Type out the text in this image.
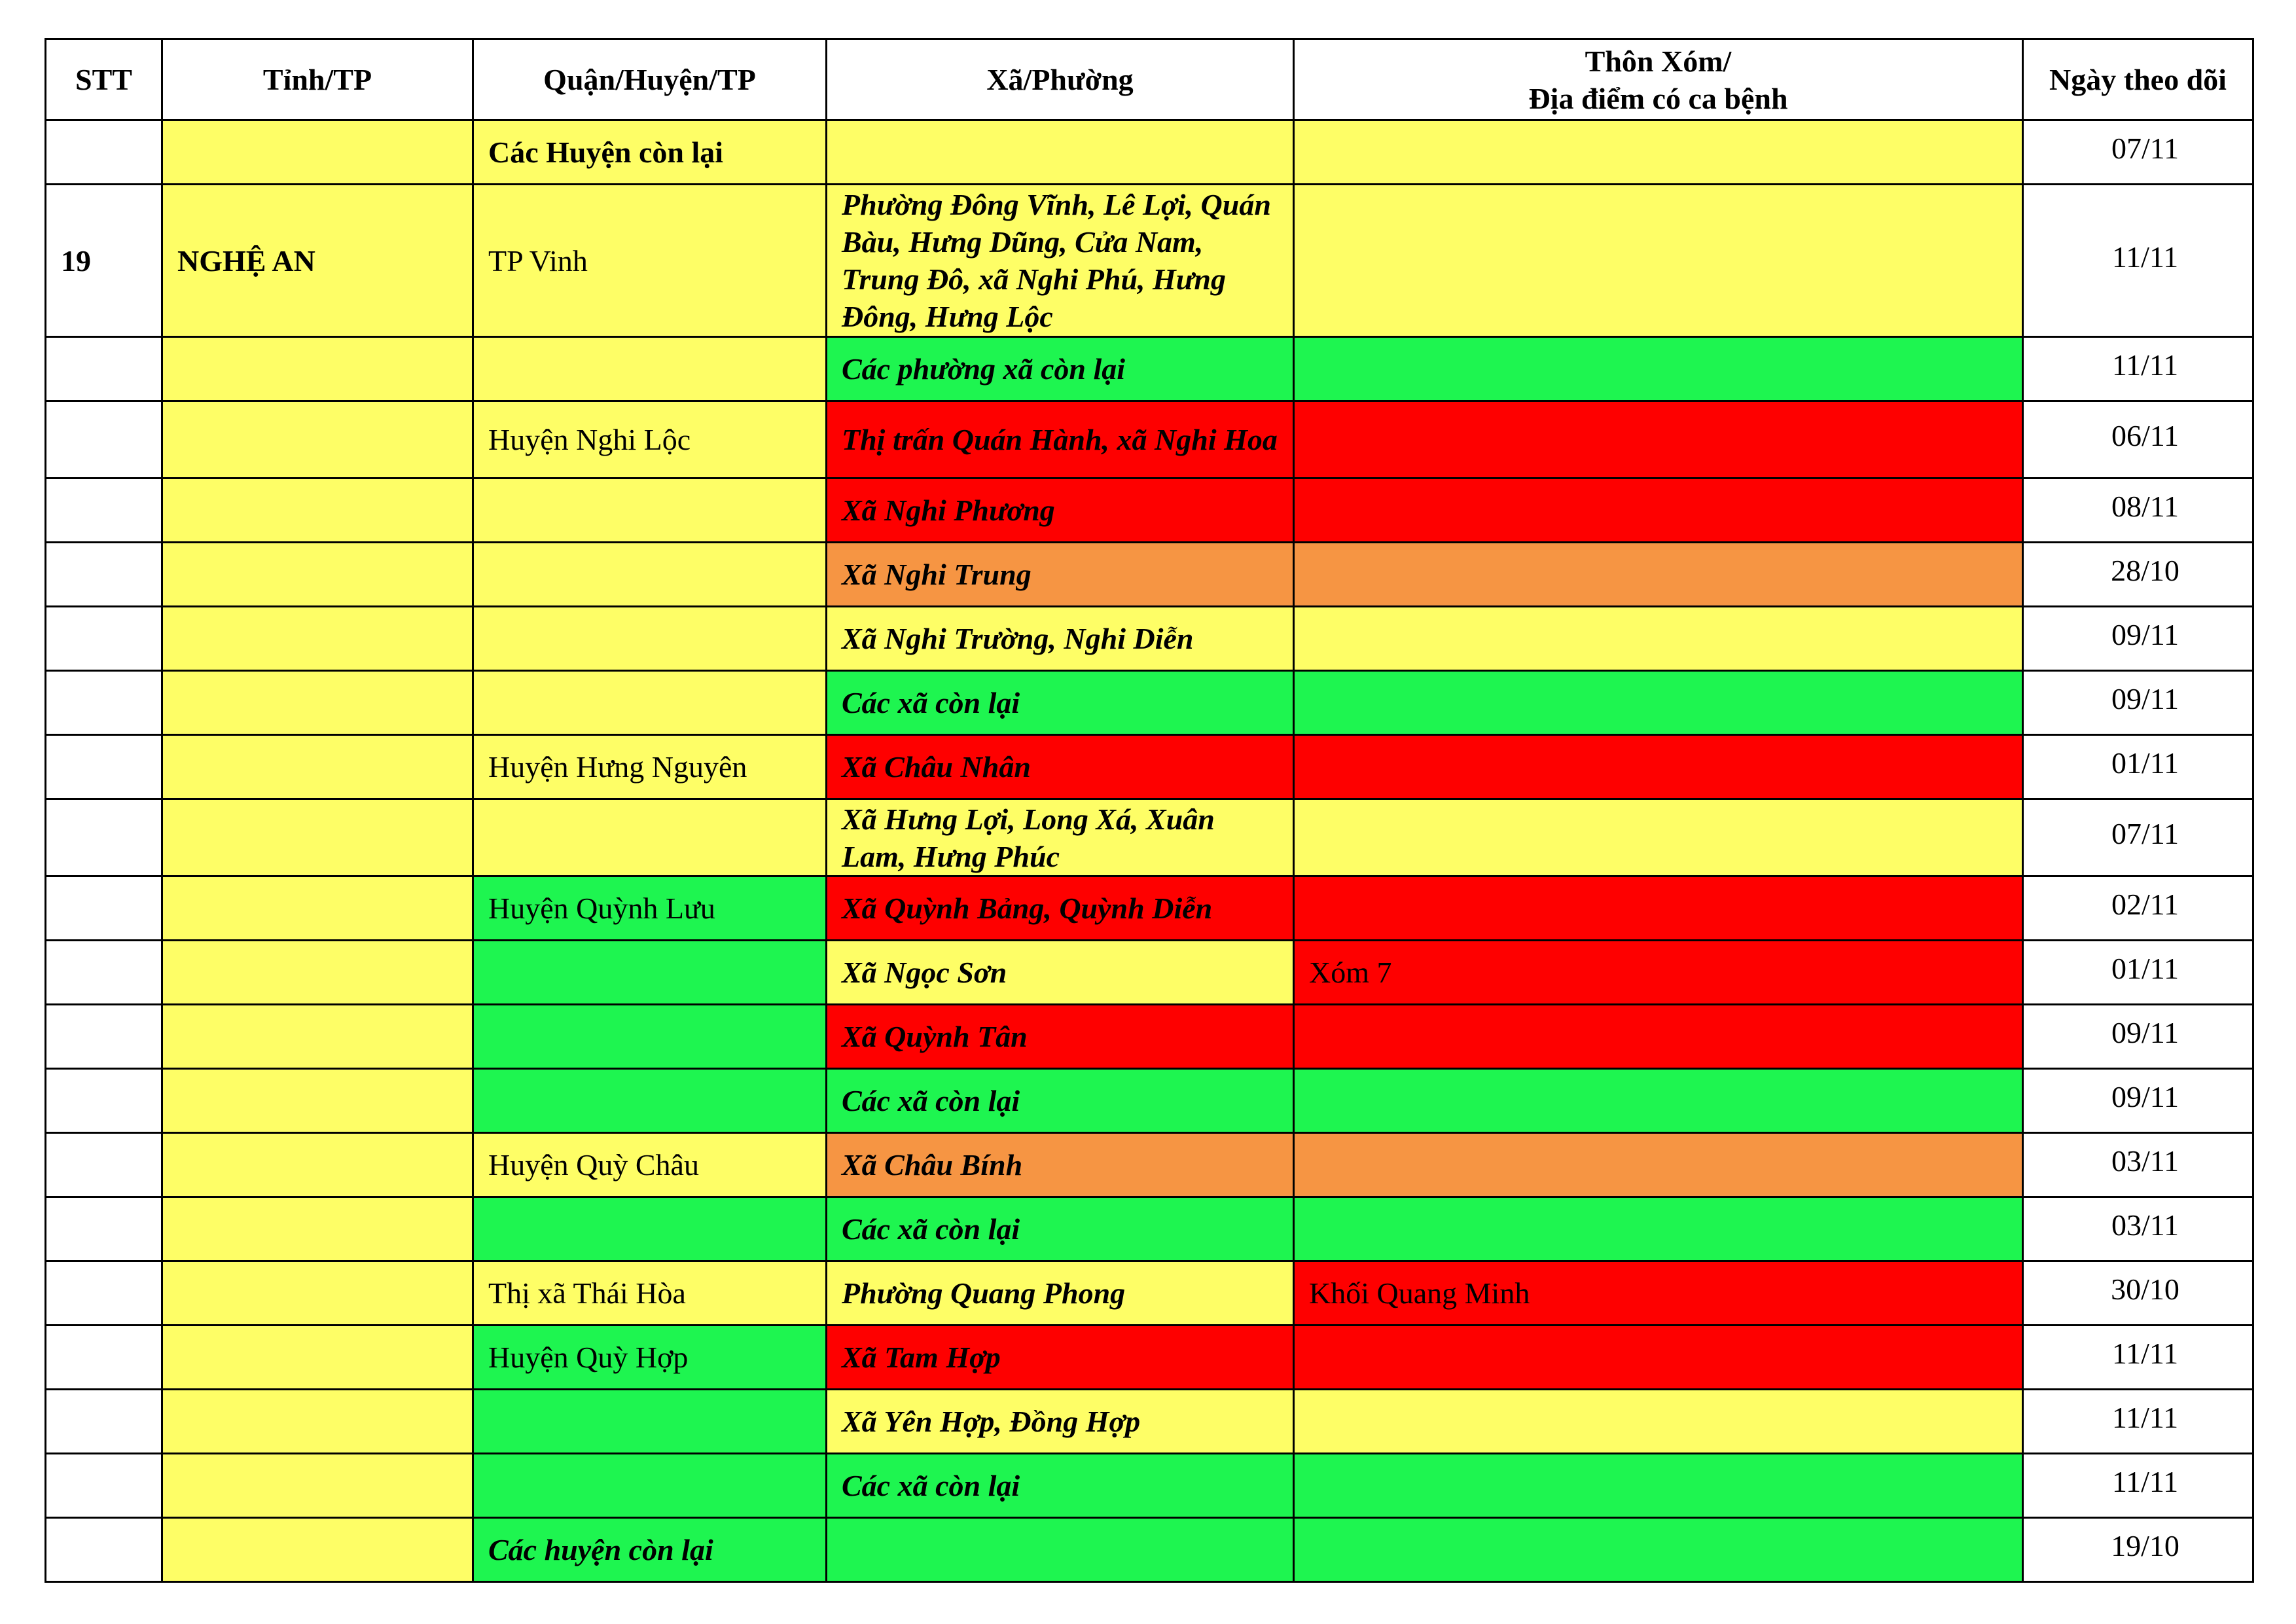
STT	Tỉnh/TP	Quận/Huyện/TP	Xã/Phường	Thôn Xóm/
Địa điểm có ca bệnh	Ngày theo dõi
		Các Huyện còn lại			07/11
19	NGHỆ AN	TP Vinh	Phường Đông Vĩnh, Lê Lợi, Quán Bàu, Hưng Dũng, Cửa Nam, Trung Đô, xã Nghi Phú, Hưng Đông, Hưng Lộc		11/11
			Các phường xã còn lại		11/11
		Huyện Nghi Lộc	Thị trấn Quán Hành, xã Nghi Hoa		06/11
			Xã Nghi Phương		08/11
			Xã Nghi Trung		28/10
			Xã Nghi Trường, Nghi Diễn		09/11
			Các xã còn lại		09/11
		Huyện Hưng Nguyên	Xã Châu Nhân		01/11
			Xã Hưng Lợi, Long Xá, Xuân Lam, Hưng Phúc		07/11
		Huyện Quỳnh Lưu	Xã Quỳnh Bảng, Quỳnh Diễn		02/11
			Xã Ngọc Sơn	Xóm 7	01/11
			Xã Quỳnh Tân		09/11
			Các xã còn lại		09/11
		Huyện Quỳ Châu	Xã Châu Bính		03/11
			Các xã còn lại		03/11
		Thị xã Thái Hòa	Phường Quang Phong	Khối Quang Minh	30/10
		Huyện Quỳ Hợp	Xã Tam Hợp		11/11
			Xã Yên Hợp, Đồng Hợp		11/11
			Các xã còn lại		11/11
		Các huyện còn lại			19/10
